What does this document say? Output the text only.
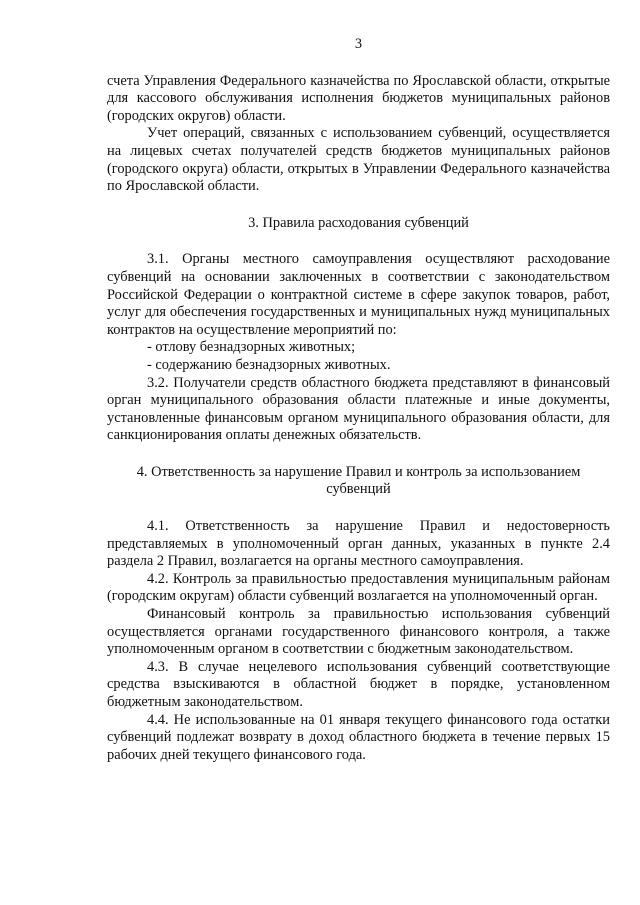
3

счета Управления Федерального казначейства по Ярославской области, открытые для кассового обслуживания исполнения бюджетов муниципальных районов (городских округов) области.

Учет операций, связанных с использованием субвенций, осуществляется на лицевых счетах получателей средств бюджетов муниципальных районов (городского округа) области, открытых в Управлении Федерального казначейства по Ярославской области.

3. Правила расходования субвенций

3.1. Органы местного самоуправления осуществляют расходование субвенций на основании заключенных в соответствии с законодательством Российской Федерации о контрактной системе в сфере закупок товаров, работ, услуг для обеспечения государственных и муниципальных нужд муниципальных контрактов на осуществление мероприятий по:

- отлову безнадзорных животных;

- содержанию безнадзорных животных.

3.2. Получатели средств областного бюджета представляют в финансовый орган муниципального образования области платежные и иные документы, установленные финансовым органом муниципального образования области, для санкционирования оплаты денежных обязательств.

4. Ответственность за нарушение Правил и контроль за использованием субвенций

4.1. Ответственность за нарушение Правил и недостоверность представляемых в уполномоченный орган данных, указанных в пункте 2.4 раздела 2 Правил, возлагается на органы местного самоуправления.

4.2. Контроль за правильностью предоставления муниципальным районам (городским округам) области субвенций возлагается на уполномоченный орган.

Финансовый контроль за правильностью использования субвенций осуществляется органами государственного финансового контроля, а также уполномоченным органом в соответствии с бюджетным законодательством.

4.3. В случае нецелевого использования субвенций соответствующие средства взыскиваются в областной бюджет в порядке, установленном бюджетным законодательством.

4.4. Не использованные на 01 января текущего финансового года остатки субвенций подлежат возврату в доход областного бюджета в течение первых 15 рабочих дней текущего финансового года.
